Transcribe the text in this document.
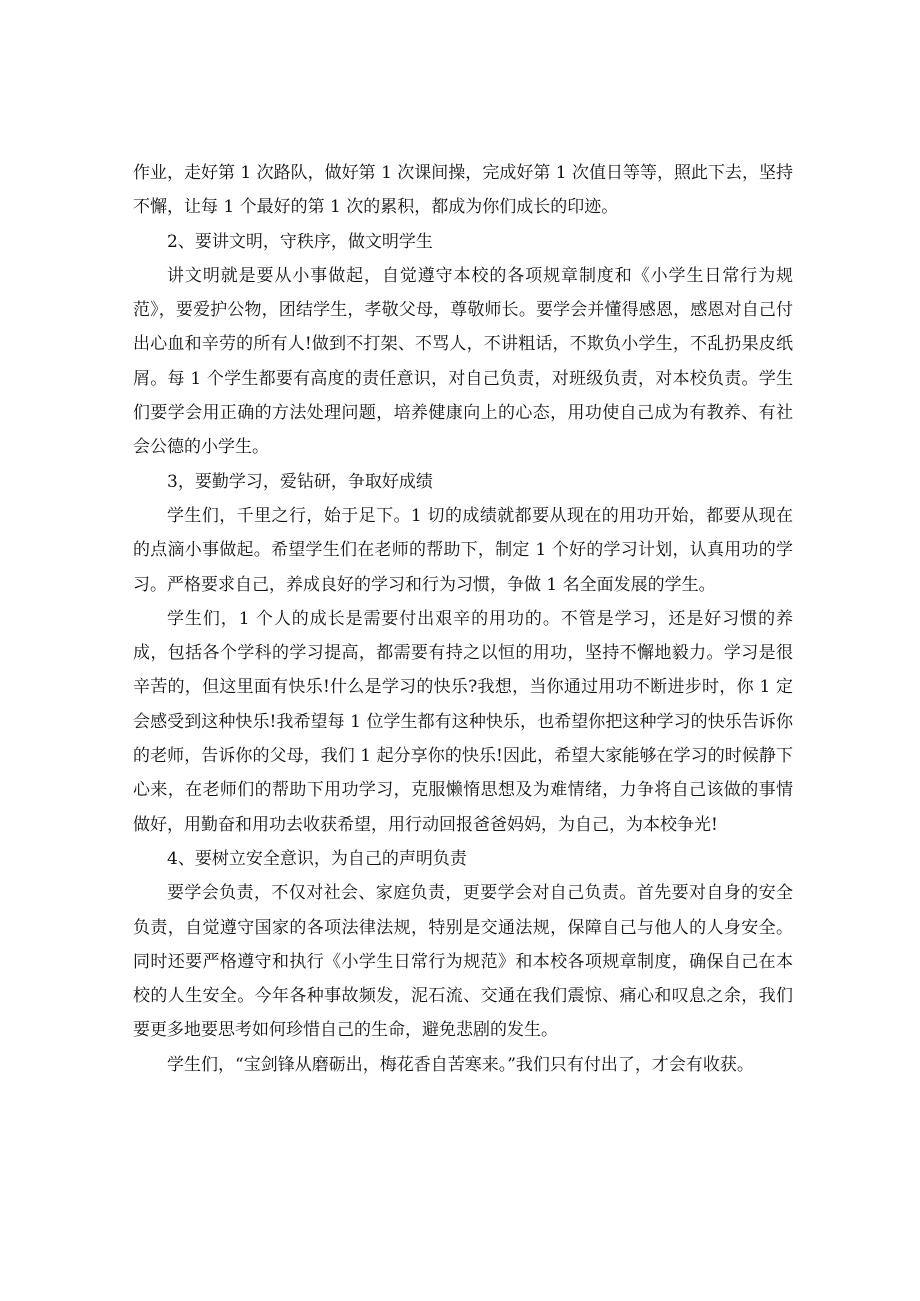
作业，走好第 1 次路队，做好第 1 次课间操，完成好第 1 次值日等等，照此下去，坚持不懈，让每 1 个最好的第 1 次的累积，都成为你们成长的印迹。

2、要讲文明，守秩序，做文明学生

讲文明就是要从小事做起，自觉遵守本校的各项规章制度和《小学生日常行为规范》，要爱护公物，团结学生，孝敬父母，尊敬师长。要学会并懂得感恩，感恩对自己付出心血和辛劳的所有人!做到不打架、不骂人，不讲粗话，不欺负小学生，不乱扔果皮纸屑。每 1 个学生都要有高度的责任意识，对自己负责，对班级负责，对本校负责。学生们要学会用正确的方法处理问题，培养健康向上的心态，用功使自己成为有教养、有社会公德的小学生。

3，要勤学习，爱钻研，争取好成绩

学生们，千里之行，始于足下。1 切的成绩就都要从现在的用功开始，都要从现在的点滴小事做起。希望学生们在老师的帮助下，制定 1 个好的学习计划，认真用功的学习。严格要求自己，养成良好的学习和行为习惯，争做 1 名全面发展的学生。

学生们，1 个人的成长是需要付出艰辛的用功的。不管是学习，还是好习惯的养成，包括各个学科的学习提高，都需要有持之以恒的用功，坚持不懈地毅力。学习是很辛苦的，但这里面有快乐!什么是学习的快乐?我想，当你通过用功不断进步时，你 1 定会感受到这种快乐!我希望每 1 位学生都有这种快乐，也希望你把这种学习的快乐告诉你的老师，告诉你的父母，我们 1 起分享你的快乐!因此，希望大家能够在学习的时候静下心来，在老师们的帮助下用功学习，克服懒惰思想及为难情绪，力争将自己该做的事情做好，用勤奋和用功去收获希望，用行动回报爸爸妈妈，为自己，为本校争光!

4、要树立安全意识，为自己的声明负责

要学会负责，不仅对社会、家庭负责，更要学会对自己负责。首先要对自身的安全负责，自觉遵守国家的各项法律法规，特别是交通法规，保障自己与他人的人身安全。同时还要严格遵守和执行《小学生日常行为规范》和本校各项规章制度，确保自己在本校的人生安全。今年各种事故频发，泥石流、交通在我们震惊、痛心和叹息之余，我们要更多地要思考如何珍惜自己的生命，避免悲剧的发生。

学生们，“宝剑锋从磨砺出，梅花香自苦寒来。”我们只有付出了，才会有收获。
